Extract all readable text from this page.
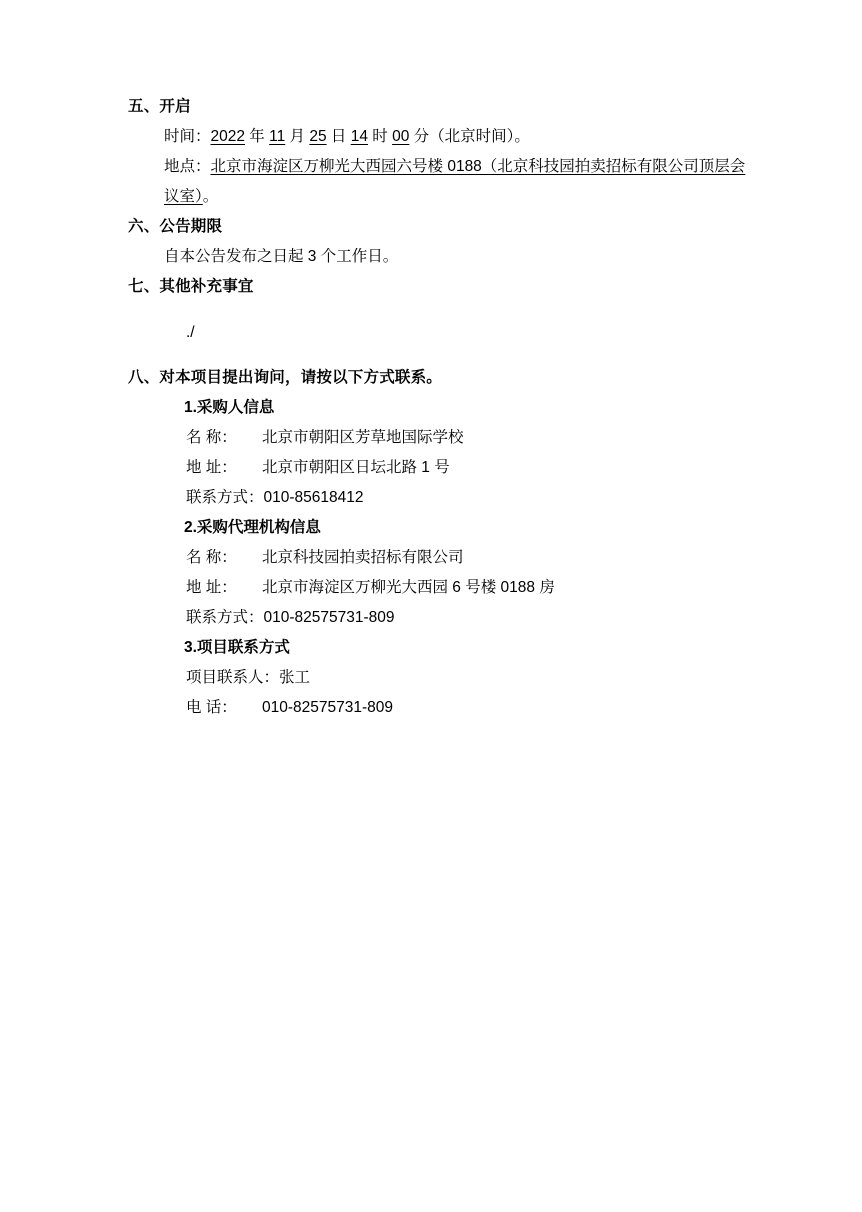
五、开启

时间：2022 年 11 月 25 日 14 时 00 分（北京时间）。

地点：北京市海淀区万柳光大西园六号楼 0188（北京科技园拍卖招标有限公司顶层会议室）。

六、公告期限

自本公告发布之日起 3 个工作日。

七、其他补充事宜

./

八、对本项目提出询问，请按以下方式联系。

1.采购人信息

名 称： 北京市朝阳区芳草地国际学校

地 址： 北京市朝阳区日坛北路 1 号

联系方式：010-85618412

2.采购代理机构信息

名 称： 北京科技园拍卖招标有限公司

地 址： 北京市海淀区万柳光大西园 6 号楼 0188 房

联系方式：010-82575731-809

3.项目联系方式

项目联系人：张工

电 话： 010-82575731-809
